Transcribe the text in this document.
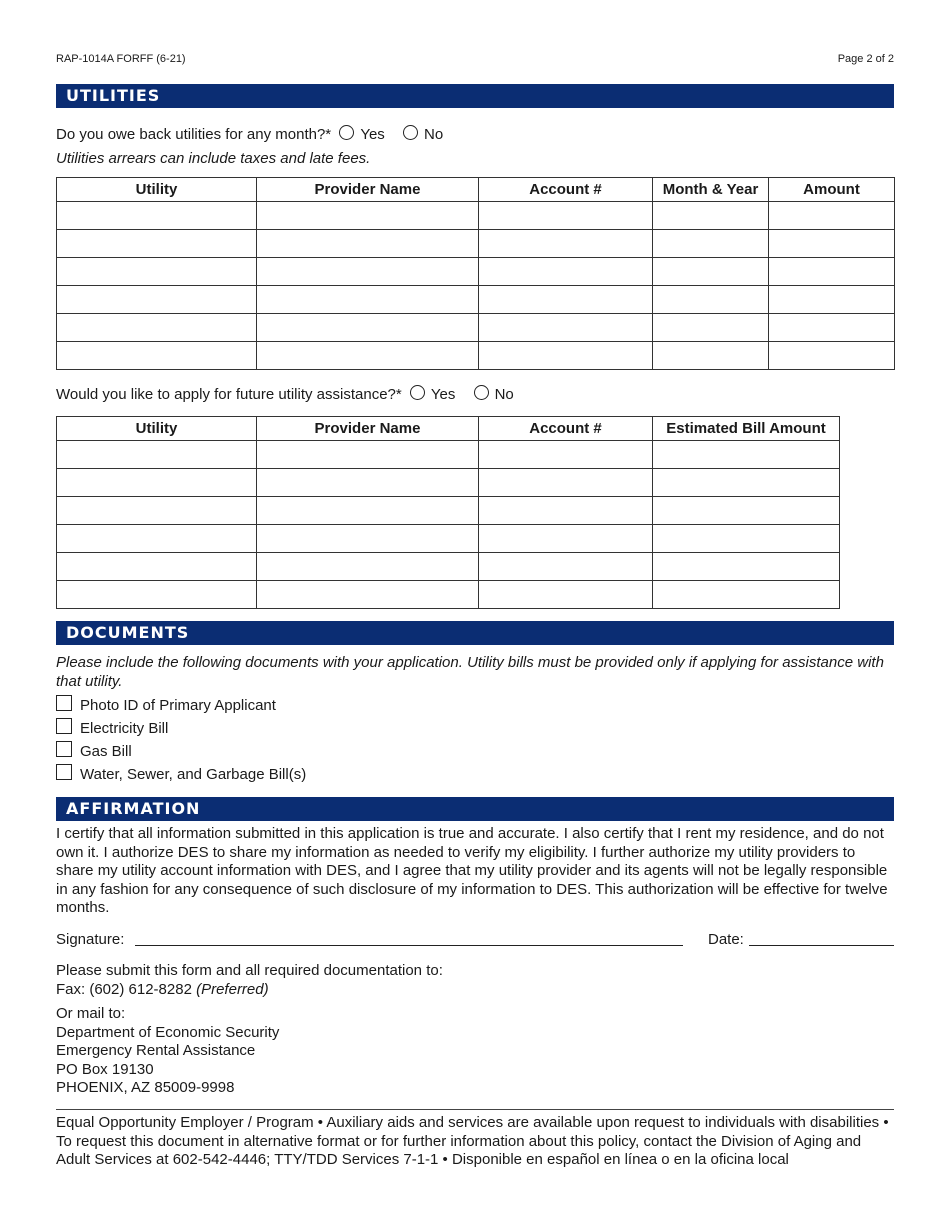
RAP-1014A FORFF (6-21)	Page 2 of 2
UTILITIES
Do you owe back utilities for any month?* Yes	No
Utilities arrears can include taxes and late fees.
Utility	Provider Name	Account #	Month & Year	Amount

Would you like to apply for future utility assistance?* Yes	No
Utility	Provider Name	Account #	Estimated Bill Amount

DOCUMENTS
Please include the following documents with your application. Utility bills must be provided only if applying for assistance with that utility.
Photo ID of Primary Applicant
Electricity Bill
Gas Bill
Water, Sewer, and Garbage Bill(s)
AFFIRMATION
I certify that all information submitted in this application is true and accurate. I also certify that I rent my residence, and do not own it. I authorize DES to share my information as needed to verify my eligibility. I further authorize my utility providers to share my utility account information with DES, and I agree that my utility provider and its agents will not be legally responsible in any fashion for any consequence of such disclosure of my information to DES. This authorization will be effective for twelve months.
Signature:	Date:
Please submit this form and all required documentation to:
Fax: (602) 612-8282 (Preferred)
Or mail to:
Department of Economic Security
Emergency Rental Assistance
PO Box 19130
PHOENIX, AZ 85009-9998
Equal Opportunity Employer / Program • Auxiliary aids and services are available upon request to individuals with disabilities • To request this document in alternative format or for further information about this policy, contact the Division of Aging and Adult Services at 602-542-4446; TTY/TDD Services 7-1-1 • Disponible en español en línea o en la oficina local
